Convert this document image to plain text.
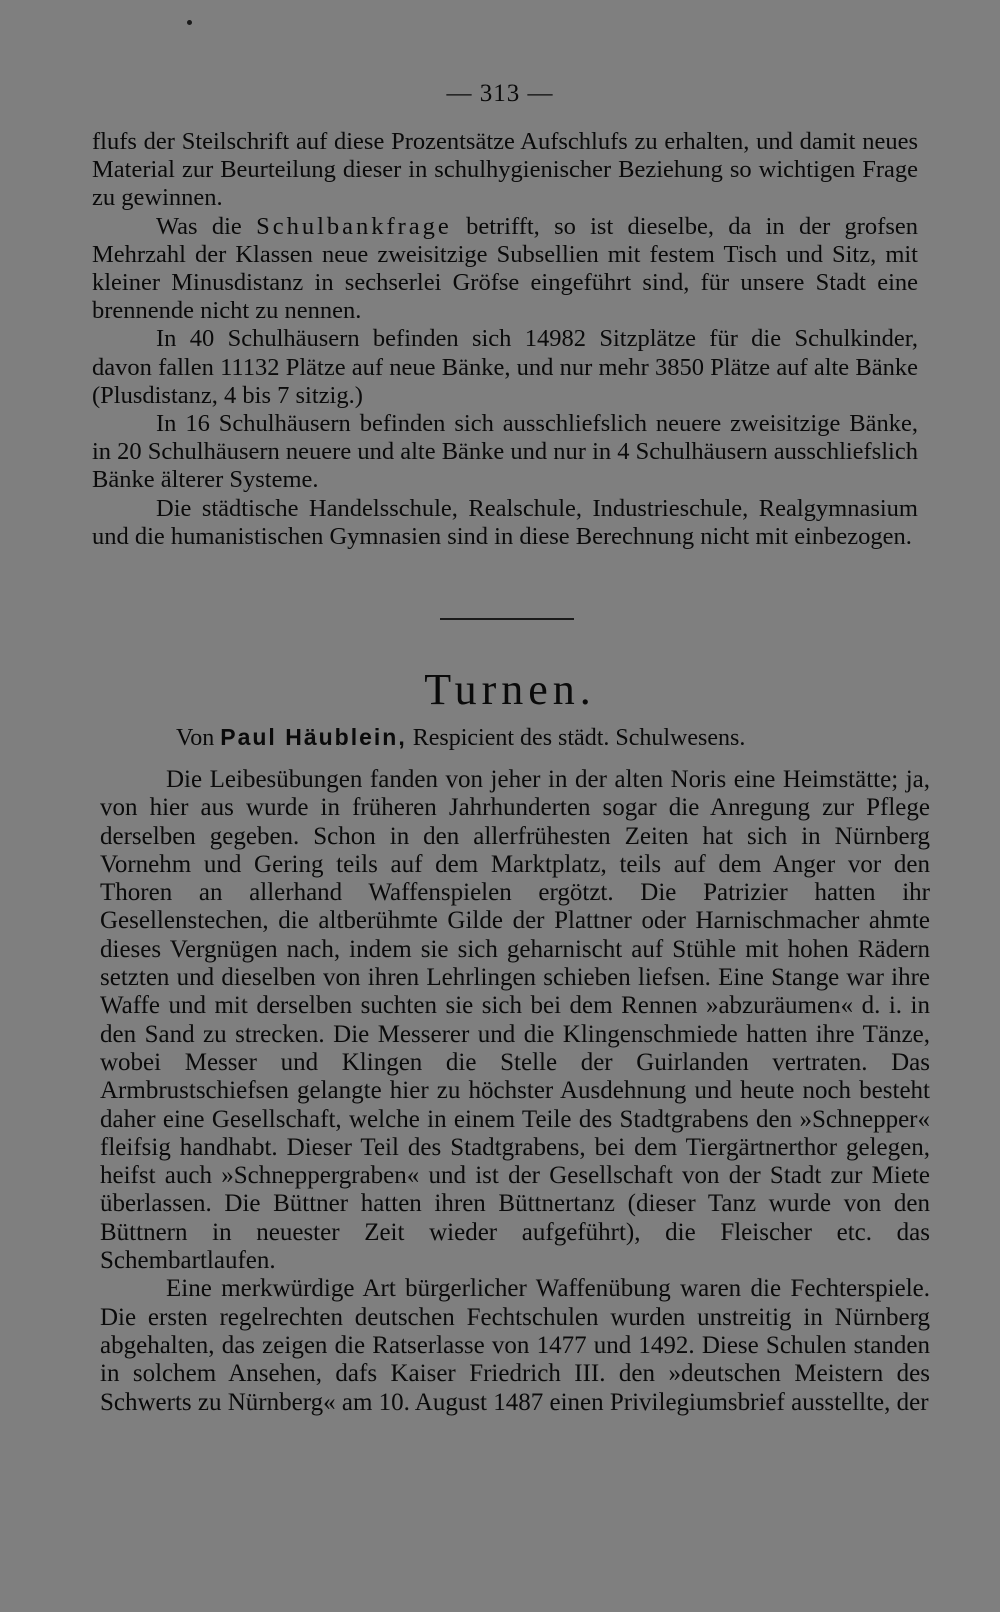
— 313 —

flufs der Steilschrift auf diese Prozentsätze Aufschlufs zu erhalten, und damit neues Material zur Beurteilung dieser in schulhygienischer Beziehung so wichtigen Frage zu gewinnen.

Was die Schulbankfrage betrifft, so ist dieselbe, da in der grofsen Mehrzahl der Klassen neue zweisitzige Subsellien mit festem Tisch und Sitz, mit kleiner Minusdistanz in sechserlei Gröfse eingeführt sind, für unsere Stadt eine brennende nicht zu nennen.

In 40 Schulhäusern befinden sich 14982 Sitzplätze für die Schulkinder, davon fallen 11132 Plätze auf neue Bänke, und nur mehr 3850 Plätze auf alte Bänke (Plusdistanz, 4 bis 7 sitzig.)

In 16 Schulhäusern befinden sich ausschliefslich neuere zweisitzige Bänke, in 20 Schulhäusern neuere und alte Bänke und nur in 4 Schulhäusern ausschliefslich Bänke älterer Systeme.

Die städtische Handelsschule, Realschule, Industrieschule, Realgymnasium und die humanistischen Gymnasien sind in diese Berechnung nicht mit einbezogen.

Turnen.
Von Paul Häublein, Respicient des städt. Schulwesens.

Die Leibesübungen fanden von jeher in der alten Noris eine Heimstätte; ja, von hier aus wurde in früheren Jahrhunderten sogar die Anregung zur Pflege derselben gegeben. Schon in den allerfrühesten Zeiten hat sich in Nürnberg Vornehm und Gering teils auf dem Marktplatz, teils auf dem Anger vor den Thoren an allerhand Waffenspielen ergötzt. Die Patrizier hatten ihr Gesellenstechen, die altberühmte Gilde der Plattner oder Harnischmacher ahmte dieses Vergnügen nach, indem sie sich geharnischt auf Stühle mit hohen Rädern setzten und dieselben von ihren Lehrlingen schieben liefsen. Eine Stange war ihre Waffe und mit derselben suchten sie sich bei dem Rennen »abzuräumen« d. i. in den Sand zu strecken. Die Messerer und die Klingenschmiede hatten ihre Tänze, wobei Messer und Klingen die Stelle der Guirlanden vertraten. Das Armbrustschiefsen gelangte hier zu höchster Ausdehnung und heute noch besteht daher eine Gesellschaft, welche in einem Teile des Stadtgrabens den »Schnepper« fleifsig handhabt. Dieser Teil des Stadtgrabens, bei dem Tiergärtnerthor gelegen, heifst auch »Schneppergraben« und ist der Gesellschaft von der Stadt zur Miete überlassen. Die Büttner hatten ihren Büttnertanz (dieser Tanz wurde von den Büttnern in neuester Zeit wieder aufgeführt), die Fleischer etc. das Schembartlaufen.

Eine merkwürdige Art bürgerlicher Waffenübung waren die Fechterspiele. Die ersten regelrechten deutschen Fechtschulen wurden unstreitig in Nürnberg abgehalten, das zeigen die Ratserlasse von 1477 und 1492. Diese Schulen standen in solchem Ansehen, dafs Kaiser Friedrich III. den »deutschen Meistern des Schwerts zu Nürnberg« am 10. August 1487 einen Privilegiumsbrief ausstellte, der
